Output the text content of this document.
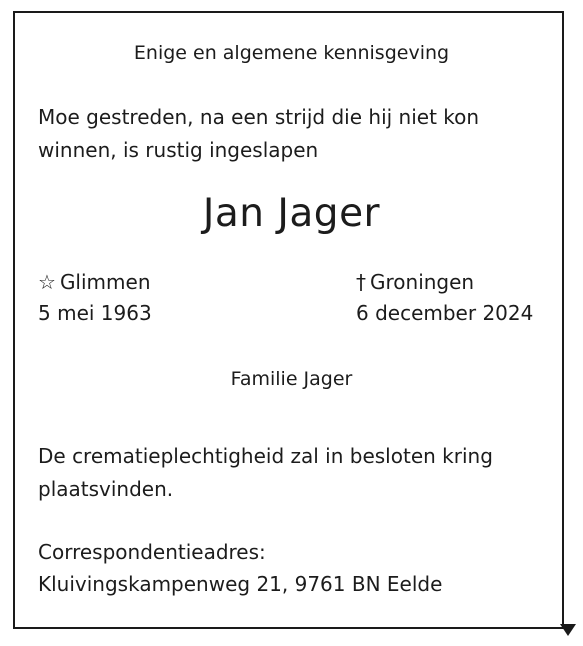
Enige en algemene kennisgeving
Moe gestreden, na een strijd die hij niet kon
winnen, is rustig ingeslapen
Jan Jager
☆ Glimmen
5 mei 1963
† Groningen
6 december 2024
Familie Jager
De crematieplechtigheid zal in besloten kring
plaatsvinden.
Correspondentieadres:
Kluivingskampenweg 21, 9761 BN Eelde
